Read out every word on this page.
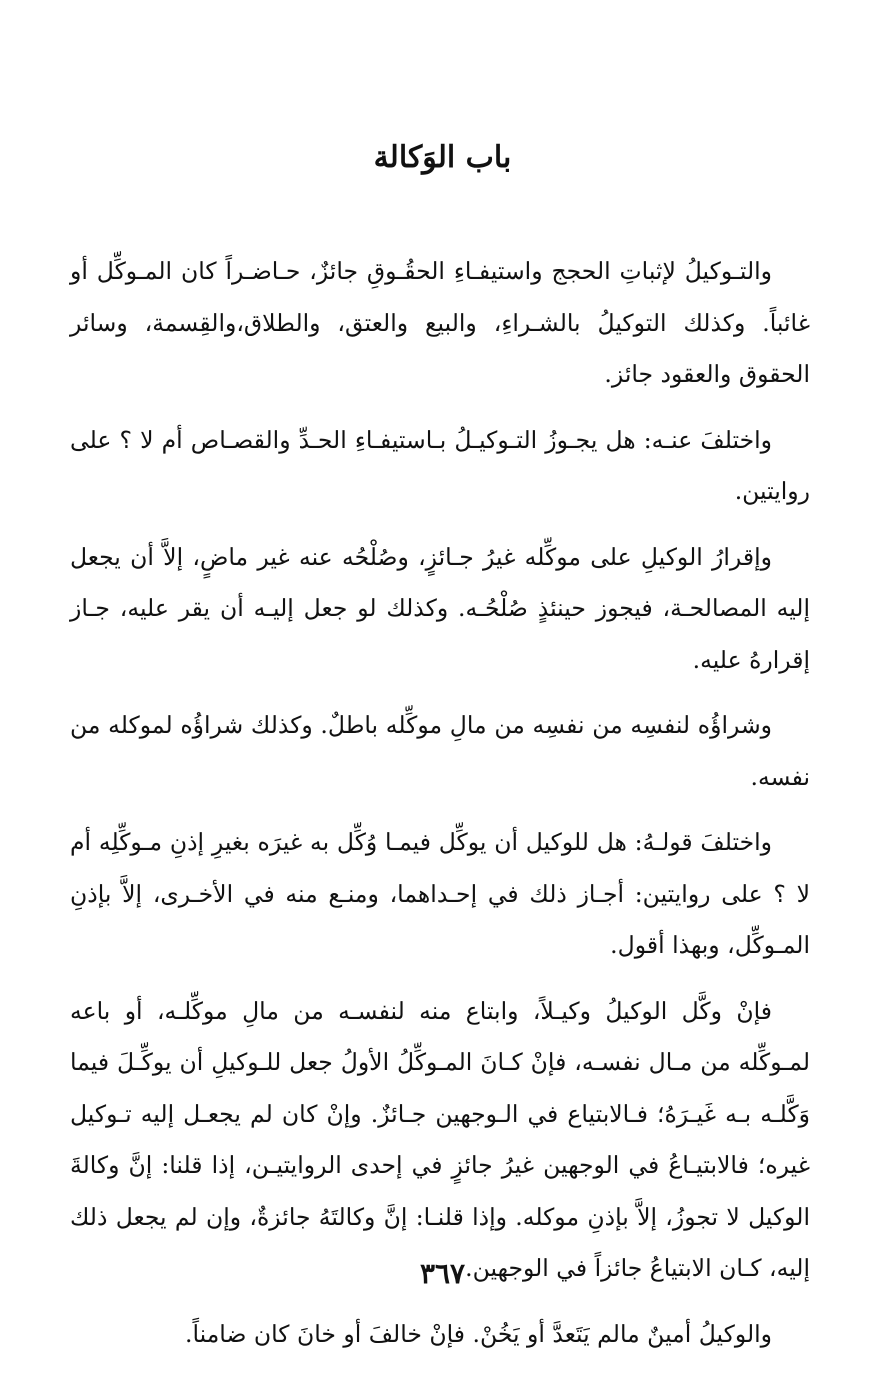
باب الوَكالة

والتـوكيلُ لإثباتِ الحجج واستيفـاءِ الحقُـوقِ جائزٌ، حـاضـراً كان المـوكِّل أو غائباً. وكذلك التوكيلُ بالشـراءِ، والبيع والعتق، والطلاق،والقِسمة، وسائر الحقوق والعقود جائز.

واختلفَ عنـه: هل يجـوزُ التـوكيـلُ بـاستيفـاءِ الحـدِّ والقصـاص أم لا ؟ على روايتين.

وإقرارُ الوكيلِ على موكِّله غيرُ جـائزٍ، وصُلْحُه عنه غير ماضٍ، إلاَّ أن يجعل إليه المصالحـة، فيجوز حينئذٍ صُلْحُـه. وكذلك لو جعل إليـه أن يقر عليه، جـاز إقرارهُ عليه.

وشراؤُه لنفسِه من نفسِه من مالِ موكِّله باطلٌ. وكذلك شراؤُه لموكله من نفسه.

واختلفَ قولـهُ: هل للوكيل أن يوكِّل فيمـا وُكِّل به غيرَه بغيرِ إذنِ مـوكِّلِه أم لا ؟ على روايتين: أجـاز ذلك في إحـداهما، ومنـع منه في الأخـرى، إلاَّ بإذنِ المـوكِّل، وبهذا أقول.

فإنْ وكَّل الوكيلُ وكيـلاً، وابتاع منه لنفسـه من مالِ موكِّلـه، أو باعه لمـوكِّله من مـال نفسـه، فإنْ كـانَ المـوكِّلُ الأولُ جعل للـوكيلِ أن يوكِّـلَ فيما وَكَّلـه بـه غَيـرَهُ؛ فـالابتياع في الـوجهين جـائزٌ. وإنْ كان لم يجعـل إليه تـوكيل غيره؛ فالابتيـاعُ في الوجهين غيرُ جائزٍ في إحدى الروايتيـن، إذا قلنا: إنَّ وكالةَ الوكيل لا تجوزُ، إلاَّ بإذنِ موكله. وإذا قلنـا: إنَّ وكالتَهُ جائزةٌ، وإن لم يجعل ذلك إليه، كـان الابتياعُ جائزاً في الوجهين.

والوكيلُ أمينٌ مالم يَتَعدَّ أو يَخُنْ. فإنْ خالفَ أو خانَ كان ضامناً.

٣٦٧
